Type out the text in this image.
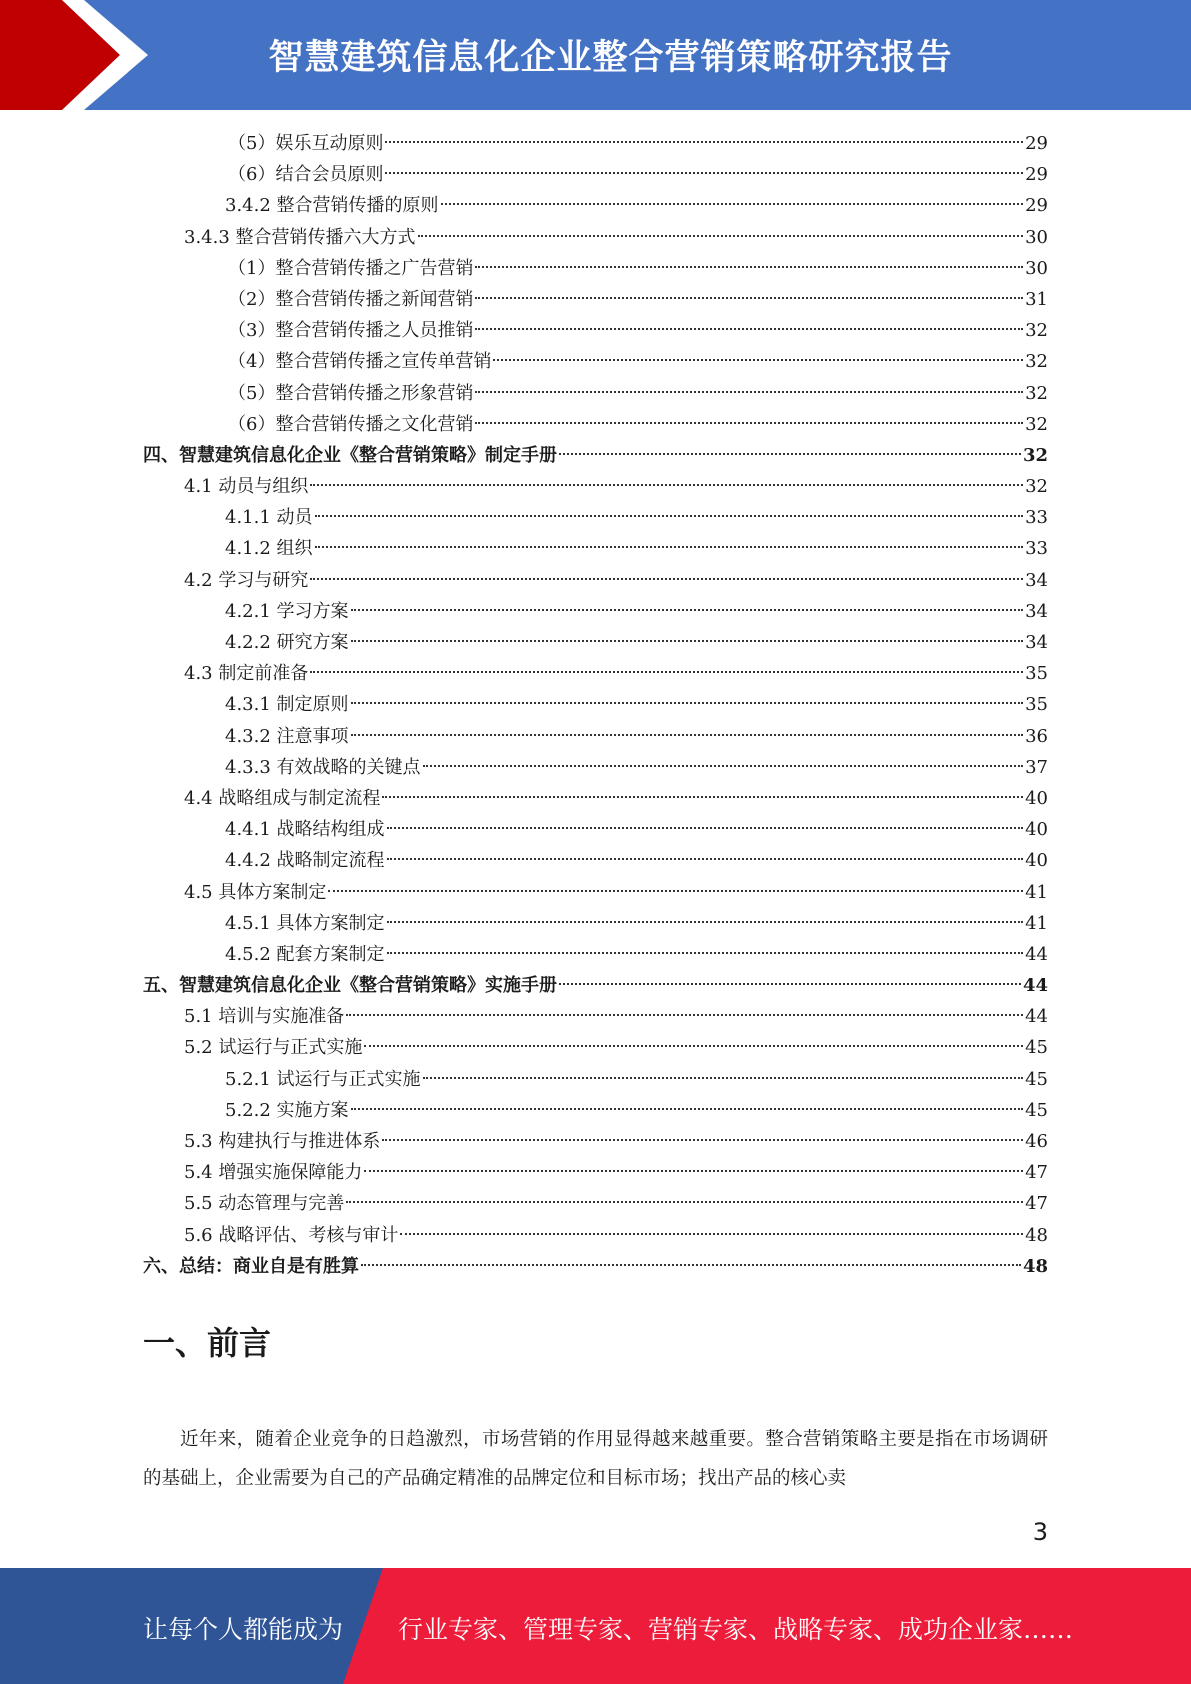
智慧建筑信息化企业整合营销策略研究报告
（5）娱乐互动原则	29
（6）结合会员原则	29
3.4.2 整合营销传播的原则	29
3.4.3 整合营销传播六大方式	30
（1）整合营销传播之广告营销	30
（2）整合营销传播之新闻营销	31
（3）整合营销传播之人员推销	32
（4）整合营销传播之宣传单营销	32
（5）整合营销传播之形象营销	32
（6）整合营销传播之文化营销	32
四、智慧建筑信息化企业《整合营销策略》制定手册	32
4.1 动员与组织	32
4.1.1 动员	33
4.1.2 组织	33
4.2 学习与研究	34
4.2.1 学习方案	34
4.2.2 研究方案	34
4.3 制定前准备	35
4.3.1 制定原则	35
4.3.2 注意事项	36
4.3.3 有效战略的关键点	37
4.4 战略组成与制定流程	40
4.4.1 战略结构组成	40
4.4.2 战略制定流程	40
4.5 具体方案制定	41
4.5.1 具体方案制定	41
4.5.2 配套方案制定	44
五、智慧建筑信息化企业《整合营销策略》实施手册	44
5.1 培训与实施准备	44
5.2 试运行与正式实施	45
5.2.1 试运行与正式实施	45
5.2.2 实施方案	45
5.3 构建执行与推进体系	46
5.4 增强实施保障能力	47
5.5 动态管理与完善	47
5.6 战略评估、考核与审计	48
六、总结：商业自是有胜算	48
一、前言

近年来，随着企业竞争的日趋激烈，市场营销的作用显得越来越重要。整合营销策略主要是指在市场调研的基础上，企业需要为自己的产品确定精准的品牌定位和目标市场；找出产品的核心卖

3
让每个人都能成为 行业专家、管理专家、营销专家、战略专家、成功企业家……
